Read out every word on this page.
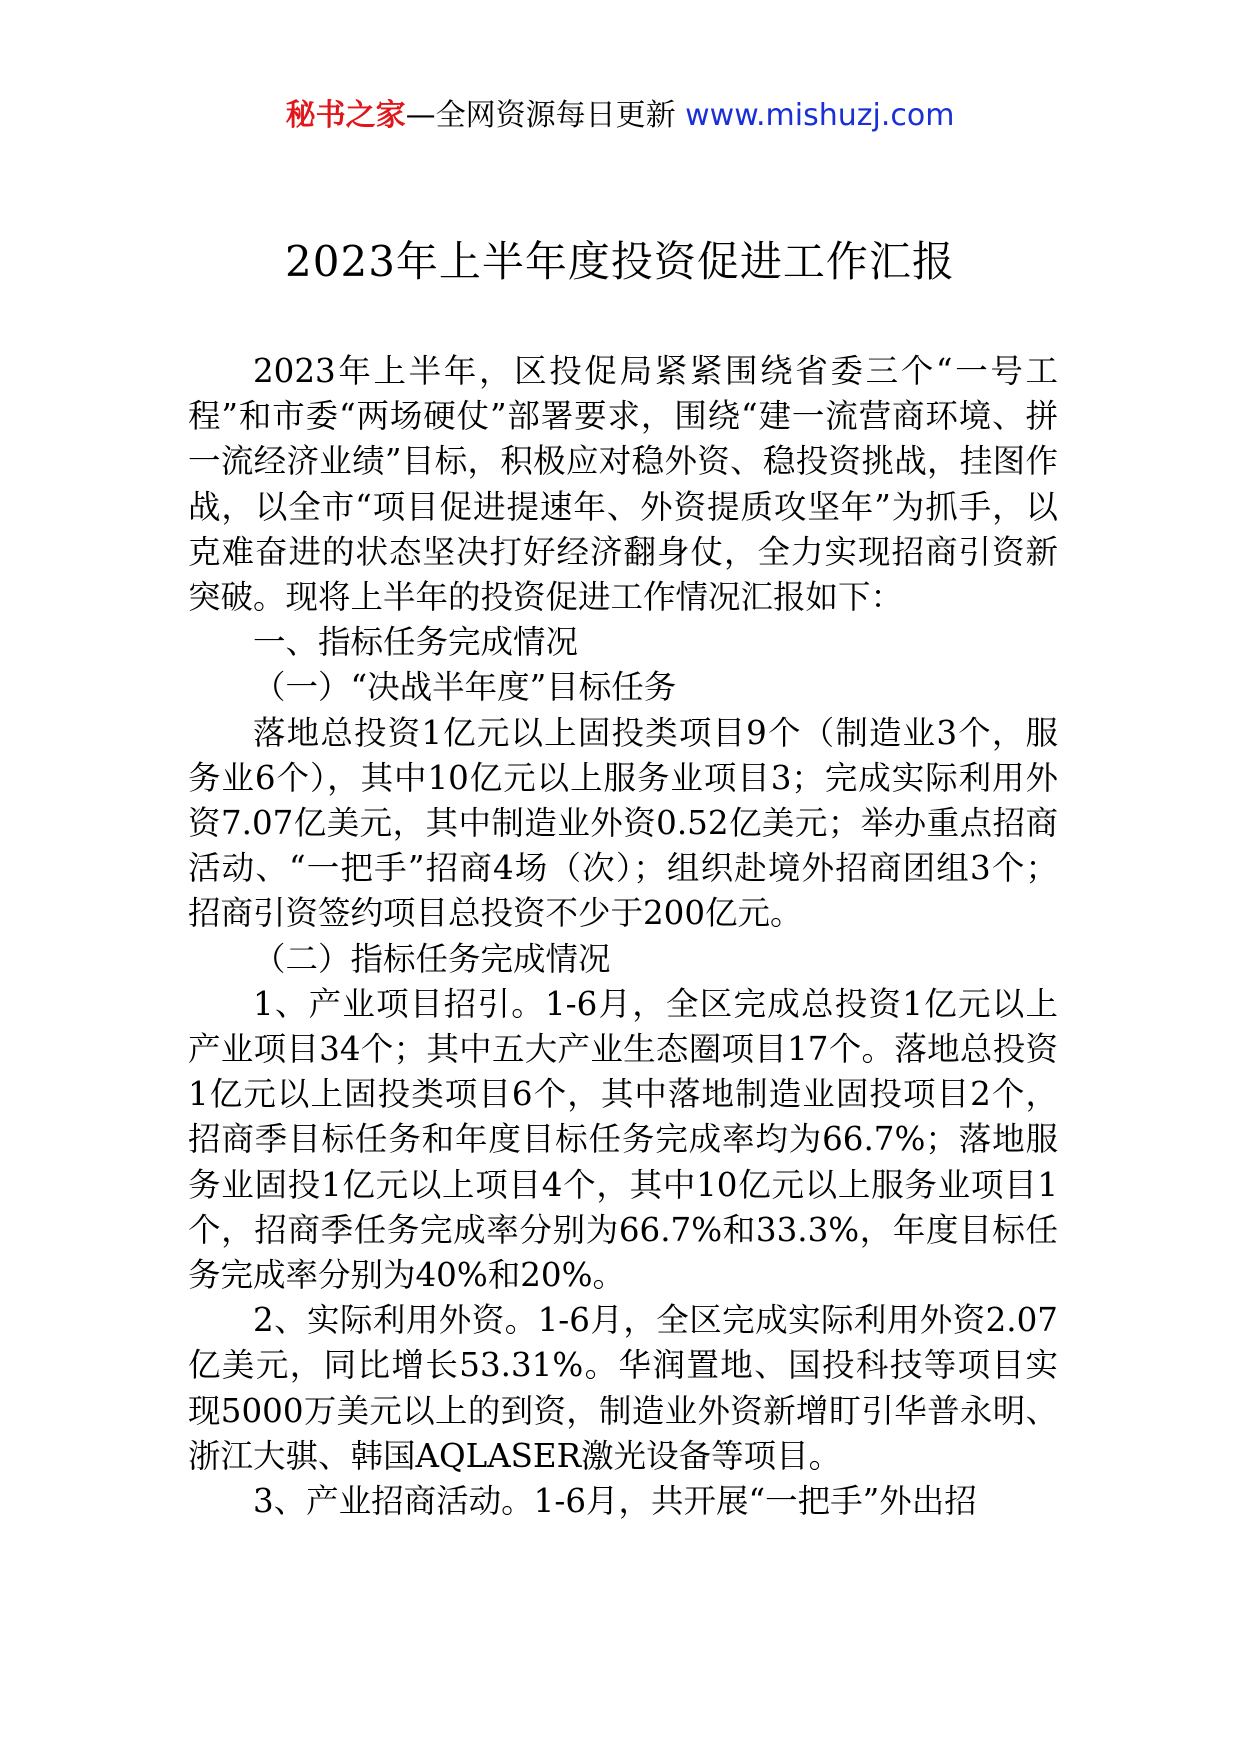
秘书之家—全网资源每日更新 www.mishuzj.com
2023年上半年度投资促进工作汇报

2023年上半年，区投促局紧紧围绕省委三个“一号工程”和市委“两场硬仗”部署要求，围绕“建一流营商环境、拼一流经济业绩”目标，积极应对稳外资、稳投资挑战，挂图作战，以全市“项目促进提速年、外资提质攻坚年”为抓手，以克难奋进的状态坚决打好经济翻身仗，全力实现招商引资新突破。现将上半年的投资促进工作情况汇报如下：

一、指标任务完成情况

（一）“决战半年度”目标任务

落地总投资1亿元以上固投类项目9个（制造业3个，服务业6个），其中10亿元以上服务业项目3；完成实际利用外资7.07亿美元，其中制造业外资0.52亿美元；举办重点招商活动、“一把手”招商4场（次）；组织赴境外招商团组3个；招商引资签约项目总投资不少于200亿元。

（二）指标任务完成情况

1、产业项目招引。1-6月，全区完成总投资1亿元以上产业项目34个；其中五大产业生态圈项目17个。落地总投资1亿元以上固投类项目6个，其中落地制造业固投项目2个，招商季目标任务和年度目标任务完成率均为66.7%；落地服务业固投1亿元以上项目4个，其中10亿元以上服务业项目1个，招商季任务完成率分别为66.7%和33.3%，年度目标任务完成率分别为40%和20%。

2、实际利用外资。1-6月，全区完成实际利用外资2.07亿美元，同比增长53.31%。华润置地、国投科技等项目实现5000万美元以上的到资，制造业外资新增盯引华普永明、浙江大骐、韩国AQLASER激光设备等项目。

3、产业招商活动。1-6月，共开展“一把手”外出招
